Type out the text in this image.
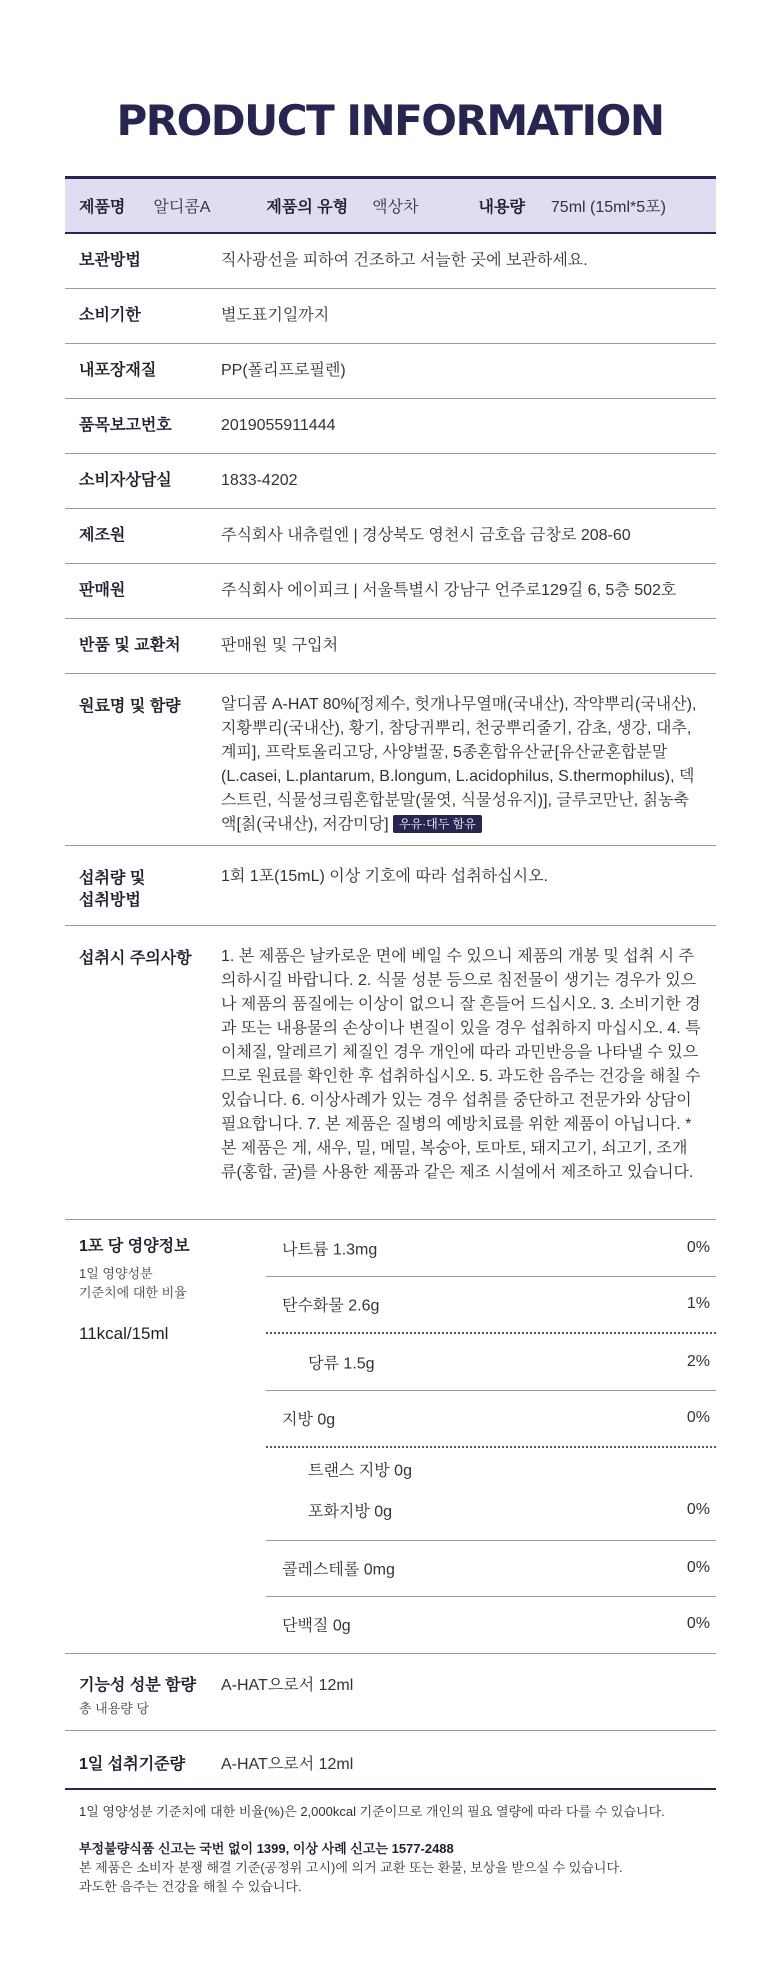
PRODUCT INFORMATION
제품명 알디콤A	제품의 유형 액상차	내용량 75ml (15ml*5포)
보관방법	직사광선을 피하여 건조하고 서늘한 곳에 보관하세요.
소비기한	별도표기일까지
내포장재질	PP(폴리프로필렌)
품목보고번호	2019055911444
소비자상담실	1833-4202
제조원	주식회사 내츄럴엔 | 경상북도 영천시 금호읍 금창로 208-60
판매원	주식회사 에이피크 | 서울특별시 강남구 언주로129길 6, 5층 502호
반품 및 교환처	판매원 및 구입처
원료명 및 함량	알디콤 A-HAT 80%[정제수, 헛개나무열매(국내산), 작약뿌리(국내산), 지황뿌리(국내산), 황기, 참당귀뿌리, 천궁뿌리줄기, 감초, 생강, 대추, 계피], 프락토올리고당, 사양벌꿀, 5종혼합유산균[유산균혼합분말(L.casei, L.plantarum, B.longum, L.acidophilus, S.thermophilus), 덱스트린, 식물성크림혼합분말(물엿, 식물성유지)], 글루코만난, 칡농축액[칡(국내산), 저감미당] 우유·대두 함유
섭취량 및
섭취방법
1회 1포(15mL) 이상 기호에 따라 섭취하십시오.
섭취시 주의사항 1. 본 제품은 날카로운 면에 베일 수 있으니 제품의 개봉 및 섭취 시 주의하시길 바랍니다. 2. 식물 성분 등으로 침전물이 생기는 경우가 있으나 제품의 품질에는 이상이 없으니 잘 흔들어 드십시오. 3. 소비기한 경과 또는 내용물의 손상이나 변질이 있을 경우 섭취하지 마십시오. 4. 특이체질, 알레르기 체질인 경우 개인에 따라 과민반응을 나타낼 수 있으므로 원료를 확인한 후 섭취하십시오. 5. 과도한 음주는 건강을 해칠 수 있습니다. 6. 이상사례가 있는 경우 섭취를 중단하고 전문가와 상담이 필요합니다. 7. 본 제품은 질병의 예방치료를 위한 제품이 아닙니다. * 본 제품은 게, 새우, 밀, 메밀, 복숭아, 토마토, 돼지고기, 쇠고기, 조개류(홍합, 굴)를 사용한 제품과 같은 제조 시설에서 제조하고 있습니다.
1포 당 영양정보
1일 영양성분
기준치에 대한 비율
11kcal/15ml
나트륨 1.3mg	0%
탄수화물 2.6g	1%
당류 1.5g	2%
지방 0g	0%
트랜스 지방 0g
포화지방 0g	0%
콜레스테롤 0mg	0%
단백질 0g	0%
기능성 성분 함량
총 내용량 당
A-HAT으로서 12ml
1일 섭취기준량 A-HAT으로서 12ml
1일 영양성분 기준치에 대한 비율(%)은 2,000kcal 기준이므로 개인의 필요 열량에 따라 다를 수 있습니다.
부정불량식품 신고는 국번 없이 1399, 이상 사례 신고는 1577-2488
본 제품은 소비자 분쟁 해결 기준(공정위 고시)에 의거 교환 또는 환불, 보상을 받으실 수 있습니다.
과도한 음주는 건강을 해칠 수 있습니다.
